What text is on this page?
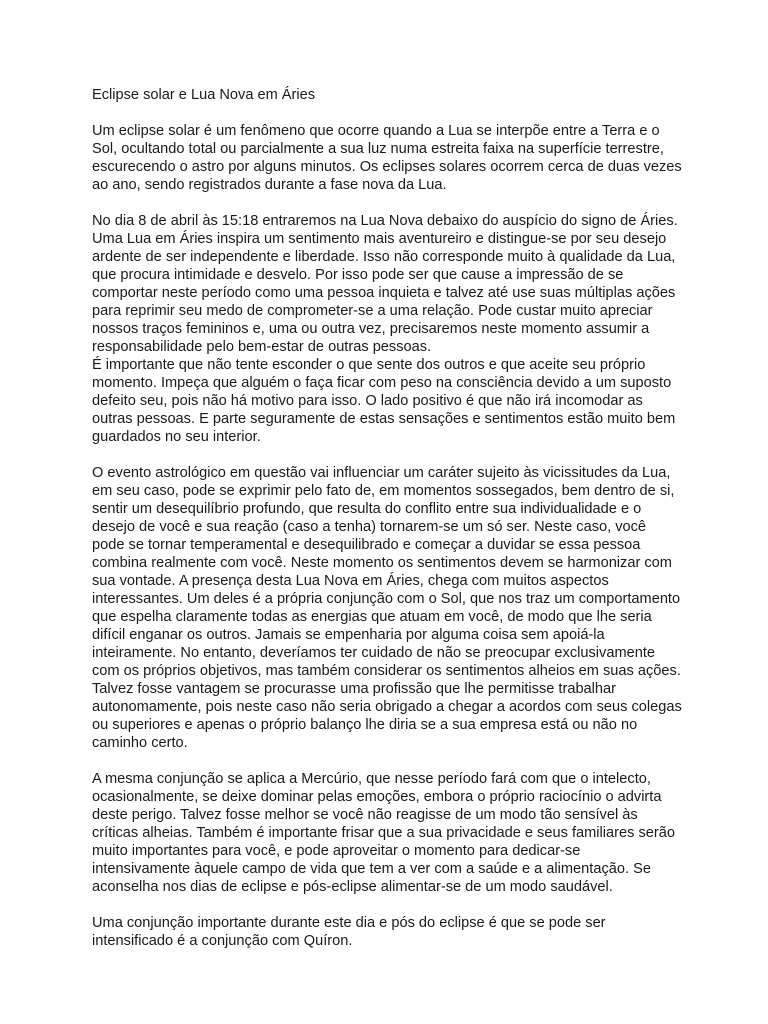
Eclipse solar e Lua Nova em Áries

Um eclipse solar é um fenômeno que ocorre quando a Lua se interpõe entre a Terra e o Sol, ocultando total ou parcialmente a sua luz numa estreita faixa na superfície terrestre, escurecendo o astro por alguns minutos. Os eclipses solares ocorrem cerca de duas vezes ao ano, sendo registrados durante a fase nova da Lua.

No dia 8 de abril às 15:18 entraremos na Lua Nova debaixo do auspício do signo de Áries. Uma Lua em Áries inspira um sentimento mais aventureiro e distingue-se por seu desejo ardente de ser independente e liberdade. Isso não corresponde muito à qualidade da Lua, que procura intimidade e desvelo. Por isso pode ser que cause a impressão de se comportar neste período como uma pessoa inquieta e talvez até use suas múltiplas ações para reprimir seu medo de comprometer-se a uma relação. Pode custar muito apreciar nossos traços femininos e, uma ou outra vez, precisaremos neste momento assumir a responsabilidade pelo bem-estar de outras pessoas.

É importante que não tente esconder o que sente dos outros e que aceite seu próprio momento. Impeça que alguém o faça ficar com peso na consciência devido a um suposto defeito seu, pois não há motivo para isso. O lado positivo é que não irá incomodar as outras pessoas. E parte seguramente de estas sensações e sentimentos estão muito bem guardados no seu interior.

O evento astrológico em questão vai influenciar um caráter sujeito às vicissitudes da Lua, em seu caso, pode se exprimir pelo fato de, em momentos sossegados, bem dentro de si, sentir um desequilíbrio profundo, que resulta do conflito entre sua individualidade e o desejo de você e sua reação (caso a tenha) tornarem-se um só ser. Neste caso, você pode se tornar temperamental e desequilibrado e começar a duvidar se essa pessoa combina realmente com você. Neste momento os sentimentos devem se harmonizar com sua vontade. A presença desta Lua Nova em Áries, chega com muitos aspectos interessantes. Um deles é a própria conjunção com o Sol, que nos traz um comportamento que espelha claramente todas as energias que atuam em você, de modo que lhe seria difícil enganar os outros. Jamais se empenharia por alguma coisa sem apoiá-la inteiramente. No entanto, deveríamos ter cuidado de não se preocupar exclusivamente com os próprios objetivos, mas também considerar os sentimentos alheios em suas ações. Talvez fosse vantagem se procurasse uma profissão que lhe permitisse trabalhar autonomamente, pois neste caso não seria obrigado a chegar a acordos com seus colegas ou superiores e apenas o próprio balanço lhe diria se a sua empresa está ou não no caminho certo.

A mesma conjunção se aplica a Mercúrio, que nesse período fará com que o intelecto, ocasionalmente, se deixe dominar pelas emoções, embora o próprio raciocínio o advirta deste perigo. Talvez fosse melhor se você não reagisse de um modo tão sensível às críticas alheias. Também é importante frisar que a sua privacidade e seus familiares serão muito importantes para você, e pode aproveitar o momento para dedicar-se intensivamente àquele campo de vida que tem a ver com a saúde e a alimentação. Se aconselha nos dias de eclipse e pós-eclipse alimentar-se de um modo saudável.

Uma conjunção importante durante este dia e pós do eclipse é que se pode ser intensificado é a conjunção com Quíron.
